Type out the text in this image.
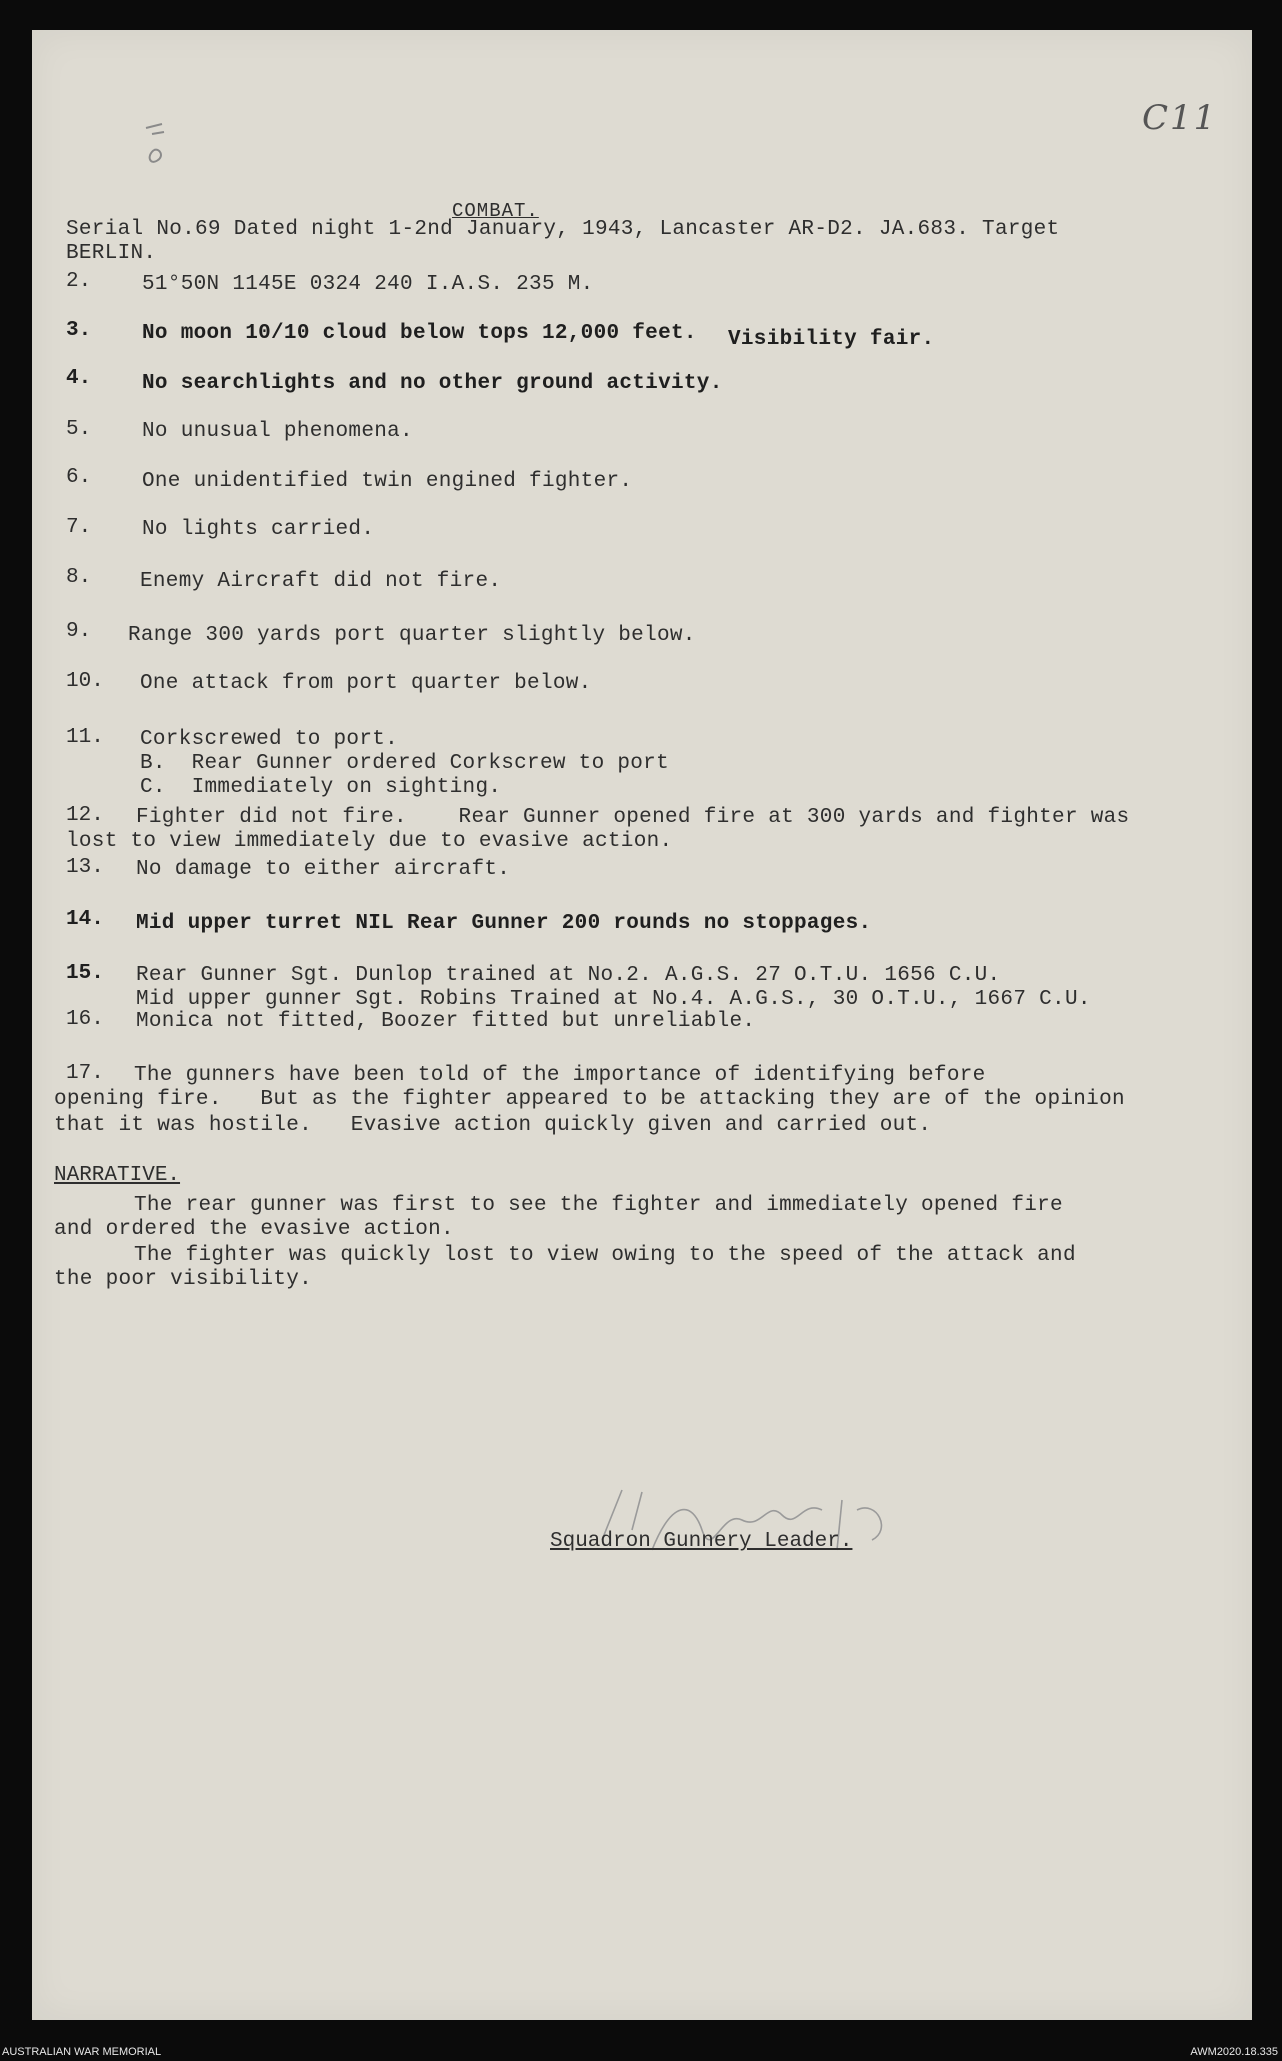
C11
COMBAT.
Serial No.69 Dated night 1-2nd January, 1943, Lancaster AR-D2. JA.683. Target
BERLIN.
2. 51°50N 1145E 0324 240 I.A.S. 235 M.
3. No moon 10/10 cloud below tops 12,000 feet. Visibility fair.
4. No searchlights and no other ground activity.
5. No unusual phenomena.
6. One unidentified twin engined fighter.
7. No lights carried.
8. Enemy Aircraft did not fire.
9. Range 300 yards port quarter slightly below.
10. One attack from port quarter below.
11. Corkscrewed to port.
B.  Rear Gunner ordered Corkscrew to port
C.  Immediately on sighting.
12. Fighter did not fire.    Rear Gunner opened fire at 300 yards and fighter was
lost to view immediately due to evasive action.
13. No damage to either aircraft.
14. Mid upper turret NIL Rear Gunner 200 rounds no stoppages.
15. Rear Gunner Sgt. Dunlop trained at No.2. A.G.S. 27 O.T.U. 1656 C.U.
Mid upper gunner Sgt. Robins Trained at No.4. A.G.S., 30 O.T.U., 1667 C.U.
16. Monica not fitted, Boozer fitted but unreliable.
17. The gunners have been told of the importance of identifying before
opening fire.   But as the fighter appeared to be attacking they are of the opinion
that it was hostile.   Evasive action quickly given and carried out.
NARRATIVE.
The rear gunner was first to see the fighter and immediately opened fire
and ordered the evasive action.
The fighter was quickly lost to view owing to the speed of the attack and
the poor visibility.
Squadron Gunnery Leader.
AUSTRALIAN WAR MEMORIAL	AWM2020.18.335
